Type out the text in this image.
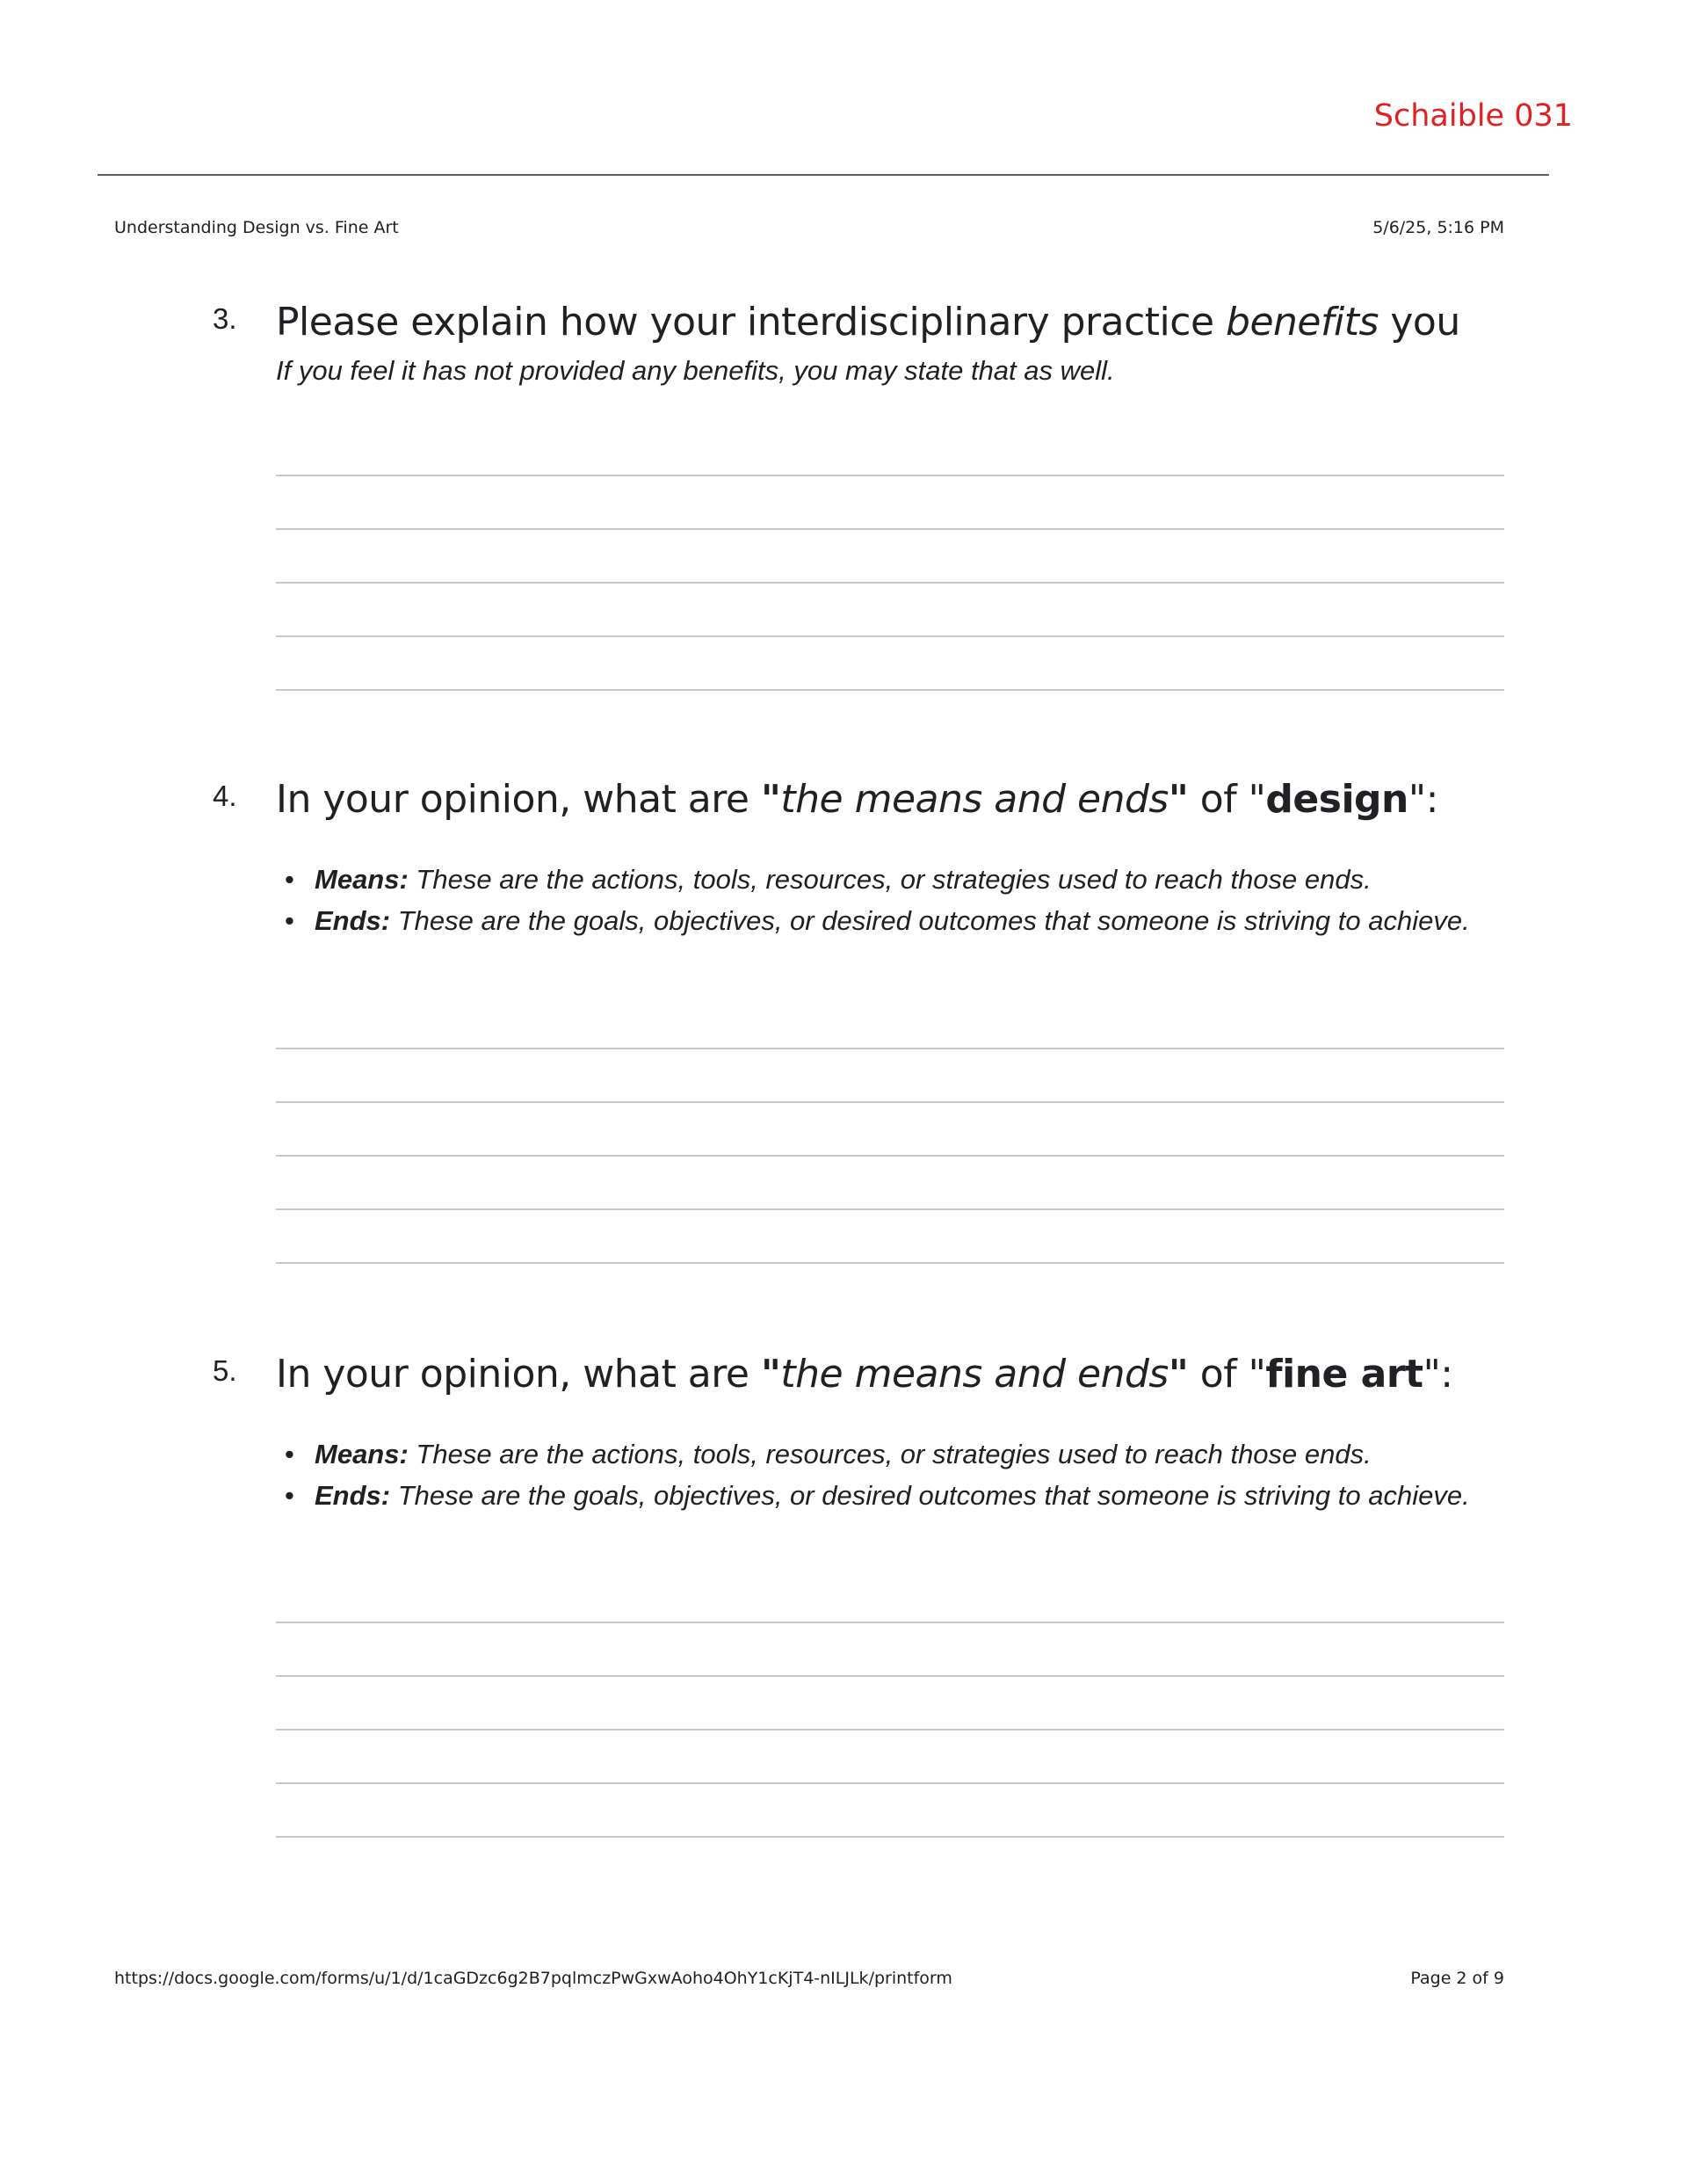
Schaible 031
Understanding Design vs. Fine Art	5/6/25, 5:16 PM
3.	Please explain how your interdisciplinary practice benefits you
If you feel it has not provided any benefits, you may state that as well.
4.	In your opinion, what are "the means and ends" of "design":
• Means: These are the actions, tools, resources, or strategies used to reach those ends.
• Ends: These are the goals, objectives, or desired outcomes that someone is striving to achieve.
5.	In your opinion, what are "the means and ends" of "fine art":
• Means: These are the actions, tools, resources, or strategies used to reach those ends.
• Ends: These are the goals, objectives, or desired outcomes that someone is striving to achieve.
https://docs.google.com/forms/u/1/d/1caGDzc6g2B7pqlmczPwGxwAoho4OhY1cKjT4-nILJLk/printform	Page 2 of 9
